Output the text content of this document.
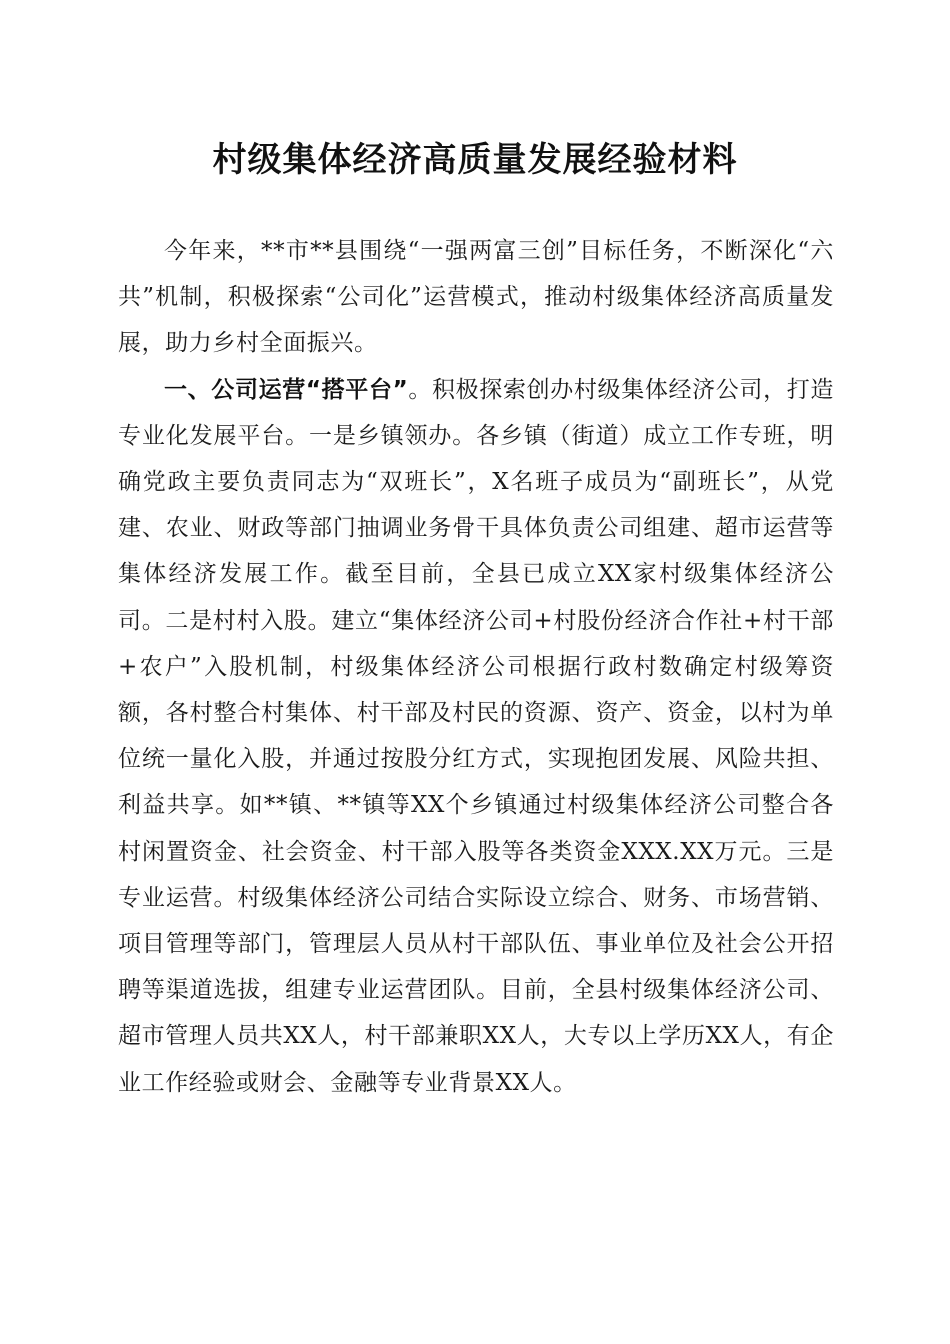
村级集体经济高质量发展经验材料

今年来，**市**县围绕“一强两富三创”目标任务，不断深化“六共”机制，积极探索“公司化”运营模式，推动村级集体经济高质量发展，助力乡村全面振兴。

一、公司运营“搭平台”。积极探索创办村级集体经济公司，打造专业化发展平台。一是乡镇领办。各乡镇（街道）成立工作专班，明确党政主要负责同志为“双班长”，X名班子成员为“副班长”，从党建、农业、财政等部门抽调业务骨干具体负责公司组建、超市运营等集体经济发展工作。截至目前，全县已成立XX家村级集体经济公司。二是村村入股。建立“集体经济公司+村股份经济合作社+村干部+农户”入股机制，村级集体经济公司根据行政村数确定村级筹资额，各村整合村集体、村干部及村民的资源、资产、资金，以村为单位统一量化入股，并通过按股分红方式，实现抱团发展、风险共担、利益共享。如**镇、**镇等XX个乡镇通过村级集体经济公司整合各村闲置资金、社会资金、村干部入股等各类资金XXX.XX万元。三是专业运营。村级集体经济公司结合实际设立综合、财务、市场营销、项目管理等部门，管理层人员从村干部队伍、事业单位及社会公开招聘等渠道选拔，组建专业运营团队。目前，全县村级集体经济公司、超市管理人员共XX人，村干部兼职XX人，大专以上学历XX人，有企业工作经验或财会、金融等专业背景XX人。
